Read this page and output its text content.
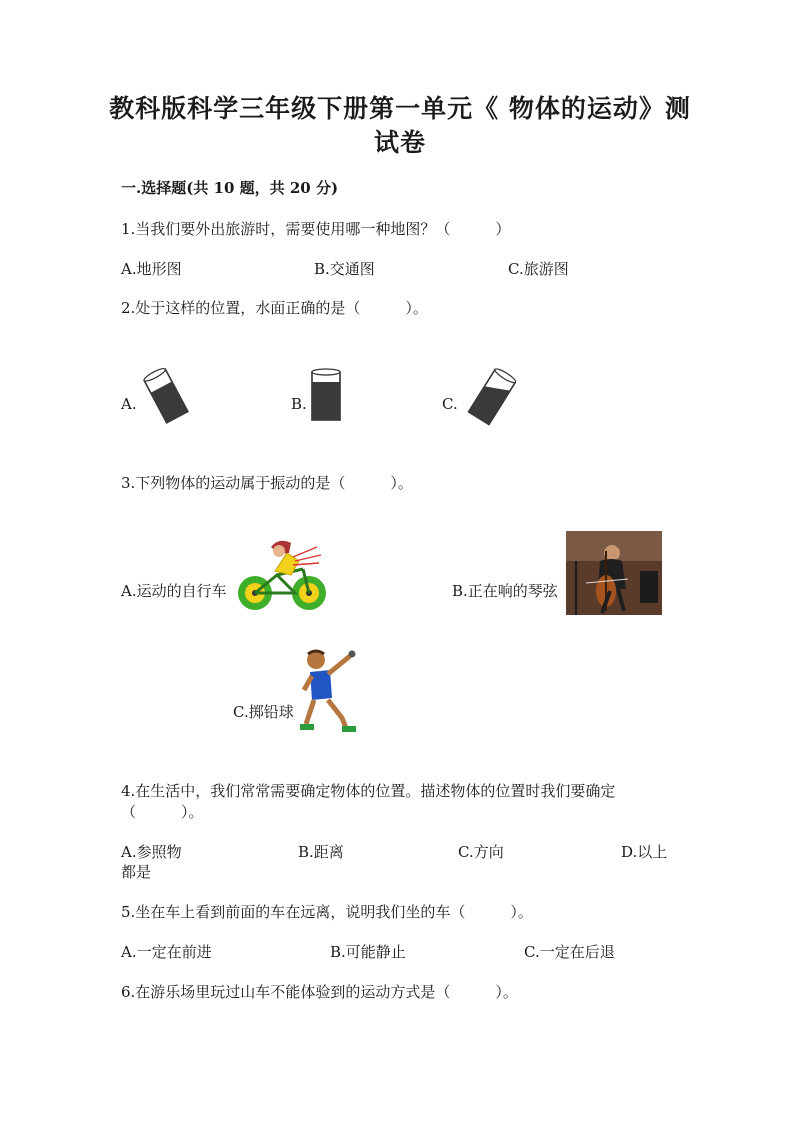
教科版科学三年级下册第一单元《 物体的运动》测
试卷
一.选择题(共 10 题，共 20 分)
1.当我们要外出旅游时，需要使用哪一种地图？（　　　）
A.地形图	B.交通图	C.旅游图
2.处于这样的位置，水面正确的是（　　　）。
A.	B.	C.
3.下列物体的运动属于振动的是（　　　）。
A.运动的自行车	B.正在响的琴弦
C.掷铅球
4.在生活中，我们常常需要确定物体的位置。描述物体的位置时我们要确定
（　　　）。
A.参照物	B.距离	C.方向	D.以上
都是
5.坐在车上看到前面的车在远离，说明我们坐的车（　　　）。
A.一定在前进	B.可能静止	C.一定在后退
6.在游乐场里玩过山车不能体验到的运动方式是（　　　）。
